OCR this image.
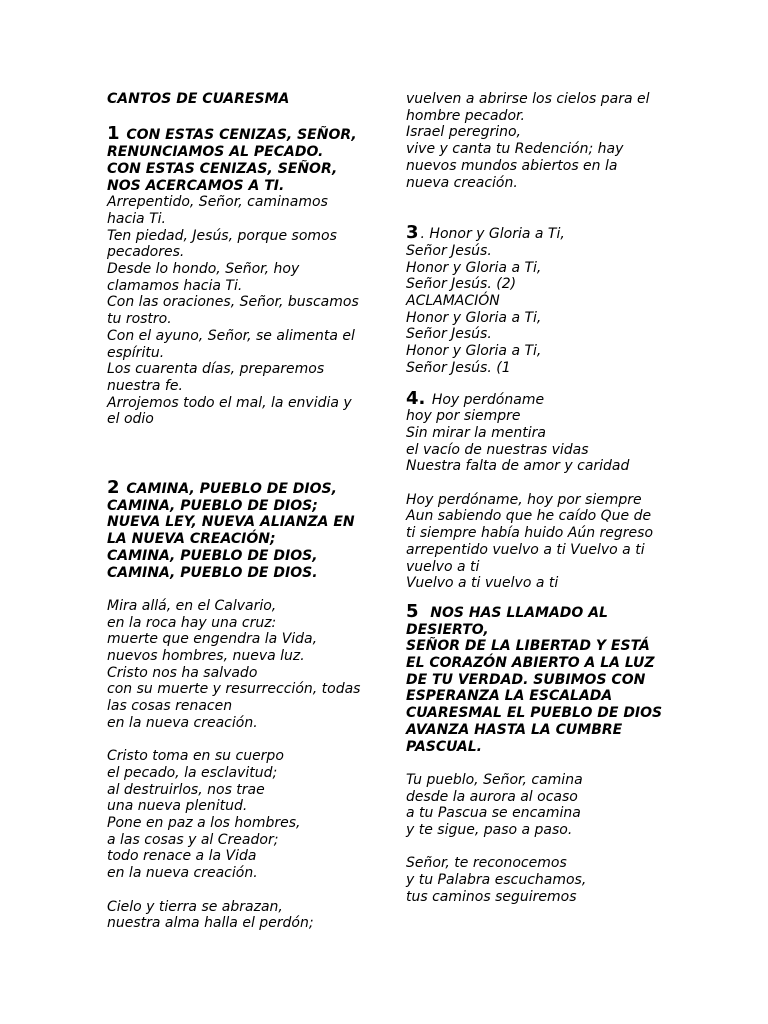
CANTOS DE CUARESMA
1 CON ESTAS CENIZAS, SEÑOR,
RENUNCIAMOS AL PECADO.
CON ESTAS CENIZAS, SEÑOR,
NOS ACERCAMOS A TI.
Arrepentido, Señor, caminamos
hacia Ti.
Ten piedad, Jesús, porque somos
pecadores.
Desde lo hondo, Señor, hoy
clamamos hacia Ti.
Con las oraciones, Señor, buscamos
tu rostro.
Con el ayuno, Señor, se alimenta el
espíritu.
Los cuarenta días, preparemos
nuestra fe.
Arrojemos todo el mal, la envidia y
el odio
2 CAMINA, PUEBLO DE DIOS,
CAMINA, PUEBLO DE DIOS;
NUEVA LEY, NUEVA ALIANZA EN
LA NUEVA CREACIÓN;
CAMINA, PUEBLO DE DIOS,
CAMINA, PUEBLO DE DIOS.
Mira allá, en el Calvario,
en la roca hay una cruz:
muerte que engendra la Vida,
nuevos hombres, nueva luz.
Cristo nos ha salvado
con su muerte y resurrección, todas
las cosas renacen
en la nueva creación.
Cristo toma en su cuerpo
el pecado, la esclavitud;
al destruirlos, nos trae
una nueva plenitud.
Pone en paz a los hombres,
a las cosas y al Creador;
todo renace a la Vida
en la nueva creación.
Cielo y tierra se abrazan,
nuestra alma halla el perdón;
vuelven a abrirse los cielos para el
hombre pecador.
Israel peregrino,
vive y canta tu Redención; hay
nuevos mundos abiertos en la
nueva creación.
3 . Honor y Gloria a Ti,
Señor Jesús.
Honor y Gloria a Ti,
Señor Jesús. (2)
ACLAMACIÓN
Honor y Gloria a Ti,
Señor Jesús.
Honor y Gloria a Ti,
Señor Jesús. (1
4. Hoy perdóname
hoy por siempre
Sin mirar la mentira
el vacío de nuestras vidas
Nuestra falta de amor y caridad
Hoy perdóname, hoy por siempre
Aun sabiendo que he caído Que de
ti siempre había huido Aún regreso
arrepentido vuelvo a ti Vuelvo a ti
vuelvo a ti
Vuelvo a ti vuelvo a ti
5  NOS HAS LLAMADO AL
DESIERTO,
SEÑOR DE LA LIBERTAD Y ESTÁ
EL CORAZÓN ABIERTO A LA LUZ
DE TU VERDAD. SUBIMOS CON
ESPERANZA LA ESCALADA
CUARESMAL EL PUEBLO DE DIOS
AVANZA HASTA LA CUMBRE
PASCUAL.
Tu pueblo, Señor, camina
desde la aurora al ocaso
a tu Pascua se encamina
y te sigue, paso a paso.
Señor, te reconocemos
y tu Palabra escuchamos,
tus caminos seguiremos
